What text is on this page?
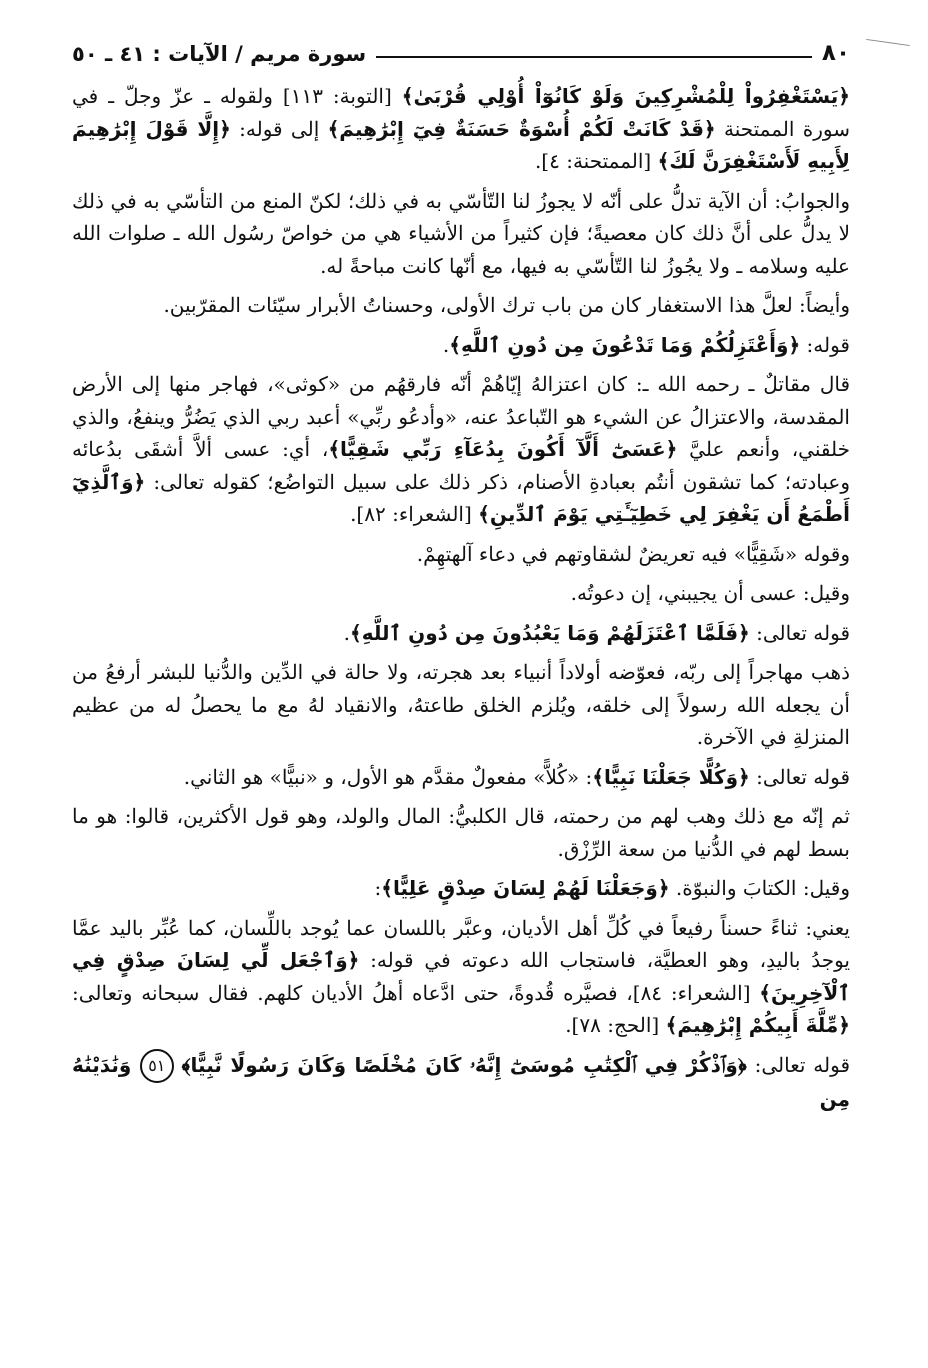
٨٠
سورة مريم / الآيات : ٤١ ـ ٥٠

﴿يَسْتَغْفِرُواْ لِلْمُشْرِكِينَ وَلَوْ كَانُوٓاْ أُوْلِي قُرْبَىٰ﴾ [التوبة: ١١٣] ولقوله ـ عزّ وجلّ ـ في سورة الممتحنة ﴿قَدْ كَانَتْ لَكُمْ أُسْوَةٌ حَسَنَةٌ فِيٓ إِبْرَٰهِيمَ﴾ إلى قوله: ﴿إِلَّا قَوْلَ إِبْرَٰهِيمَ لِأَبِيهِ لَأَسْتَغْفِرَنَّ لَكَ﴾ [الممتحنة: ٤].

والجوابُ: أن الآية تدلُّ على أنّه لا يجوزُ لنا التّأسّي به في ذلك؛ لكنّ المنع من التأسّي به في ذلك لا يدلُّ على أنَّ ذلك كان معصيةً؛ فإن كثيراً من الأشياء هي من خواصّ رسُول الله ـ صلوات الله عليه وسلامه ـ ولا يجُوزُ لنا التّأسّي به فيها، مع أنّها كانت مباحةً له.

وأيضاً: لعلَّ هذا الاستغفار كان من باب ترك الأولى، وحسناتُ الأبرار سيّئات المقرّبين.

قوله: ﴿وَأَعْتَزِلُكُمْ وَمَا تَدْعُونَ مِن دُونِ ٱللَّهِ﴾.

قال مقاتلٌ ـ رحمه الله ـ: كان اعتزالهُ إيّاهُمْ أنّه فارقهُم من «كوثى»، فهاجر منها إلى الأرض المقدسة، والاعتزالُ عن الشيء هو التّباعدُ عنه، «وأدعُو ربِّي» أعبد ربي الذي يَضُرُّ وينفعُ، والذي خلقني، وأنعم عليَّ ﴿عَسَىٰٓ أَلَّآ أَكُونَ بِدُعَآءِ رَبِّي شَقِيًّا﴾، أي: عسى ألاَّ أشقَى بدُعائه وعبادته؛ كما تشقون أنتُم بعبادةِ الأصنام، ذكر ذلك على سبيل التواضُع؛ كقوله تعالى: ﴿وَٱلَّذِيٓ أَطْمَعُ أَن يَغْفِرَ لِي خَطِيٓـَٔتِي يَوْمَ ٱلدِّينِ﴾ [الشعراء: ٨٢].

وقوله «شَقِيًّا» فيه تعريضٌ لشقاوتهم في دعاء آلهتهِمْ.

وقيل: عسى أن يجيبني، إن دعوتُه.

قوله تعالى: ﴿فَلَمَّا ٱعْتَزَلَهُمْ وَمَا يَعْبُدُونَ مِن دُونِ ٱللَّهِ﴾.

ذهب مهاجراً إلى ربّه، فعوّضه أولاداً أنبياء بعد هجرته، ولا حالة في الدِّين والدُّنيا للبشر أرفعُ من أن يجعله الله رسولاً إلى خلقه، ويُلزم الخلق طاعتهُ، والانقياد لهُ مع ما يحصلُ له من عظيم المنزلةِ في الآخرة.

قوله تعالى: ﴿وَكُلًّا جَعَلْنَا نَبِيًّا﴾: «كُلاًّ» مفعولٌ مقدَّم هو الأول، و «نبيًّا» هو الثاني.

ثم إنّه مع ذلك وهب لهم من رحمته، قال الكلبيُّ: المال والولد، وهو قول الأكثرين، قالوا: هو ما بسط لهم في الدُّنيا من سعة الرِّزْق.

وقيل: الكتابَ والنبوّة. ﴿وَجَعَلْنَا لَهُمْ لِسَانَ صِدْقٍ عَلِيًّا﴾:

يعني: ثناءً حسناً رفيعاً في كُلِّ أهل الأديان، وعبَّر باللسان عما يُوجد باللِّسان، كما عُبِّر باليد عمَّا يوجدُ باليدِ، وهو العطيَّة، فاستجاب الله دعوته في قوله: ﴿وَٱجْعَل لِّي لِسَانَ صِدْقٍ فِي ٱلْآخِرِينَ﴾ [الشعراء: ٨٤]، فصيَّره قُدوةً، حتى ادَّعاه أهلُ الأديان كلهم. فقال سبحانه وتعالى: ﴿مِّلَّةَ أَبِيكُمْ إِبْرَٰهِيمَ﴾ [الحج: ٧٨].

قوله تعالى: ﴿وَٱذْكُرْ فِي ٱلْكِتَٰبِ مُوسَىٰٓ إِنَّهُۥ كَانَ مُخْلَصًا وَكَانَ رَسُولًا نَّبِيًّا﴾ ٥١ وَنَٰدَيْنَٰهُ مِن
